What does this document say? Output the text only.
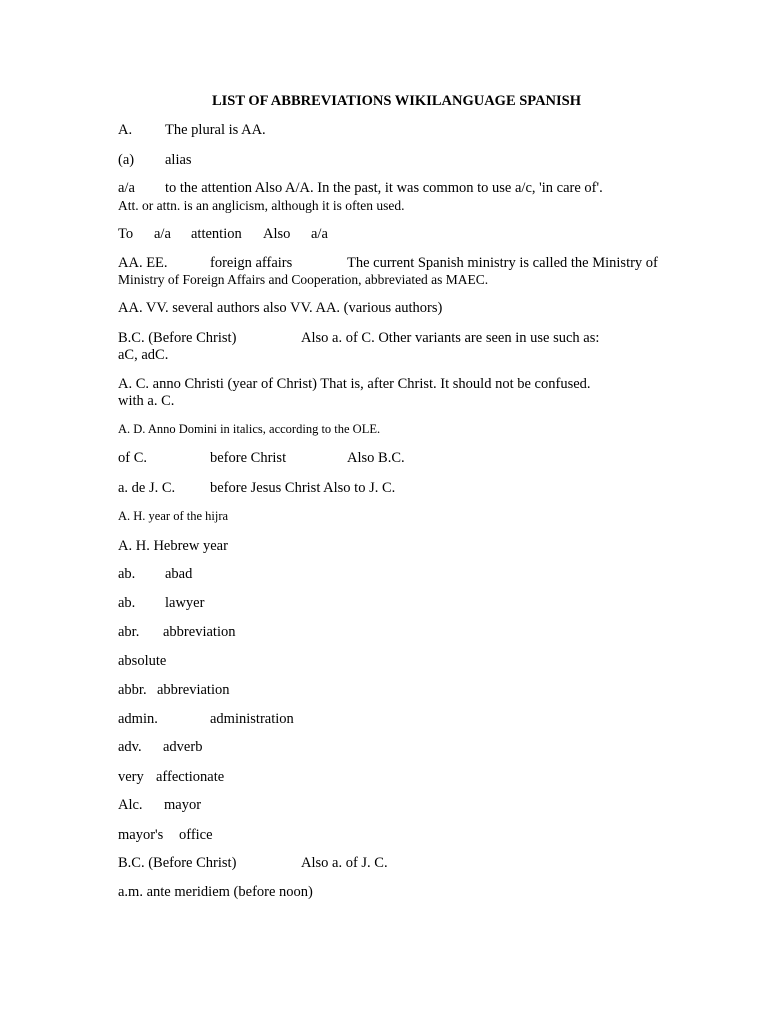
LIST OF ABBREVIATIONS WIKILANGUAGE SPANISH
A. The plural is AA.
(a) alias
a/a to the attention Also A/A. In the past, it was common to use a/c, 'in care of'.
Att. or attn. is an anglicism, although it is often used.
To a/a attention Also a/a
AA. EE.	foreign affairs	The current Spanish ministry is called the Ministry of
Ministry of Foreign Affairs and Cooperation, abbreviated as MAEC.
AA. VV. several authors also VV. AA. (various authors)
B.C. (Before Christ)	Also a. of C. Other variants are seen in use such as:
aC, adC.
A. C. anno Christi (year of Christ) That is, after Christ. It should not be confused.
with a. C.
A. D. Anno Domini in italics, according to the OLE.
of C.	before Christ	Also B.C.
a. de J. C. before Jesus Christ Also to J. C.
A. H. year of the hijra
A. H. Hebrew year
ab. abad
ab. lawyer
abr. abbreviation
absolute
abbr. abbreviation
admin.	administration
adv. adverb
very affectionate
Alc. mayor
mayor's office
B.C. (Before Christ)	Also a. of J. C.
a.m. ante meridiem (before noon)
